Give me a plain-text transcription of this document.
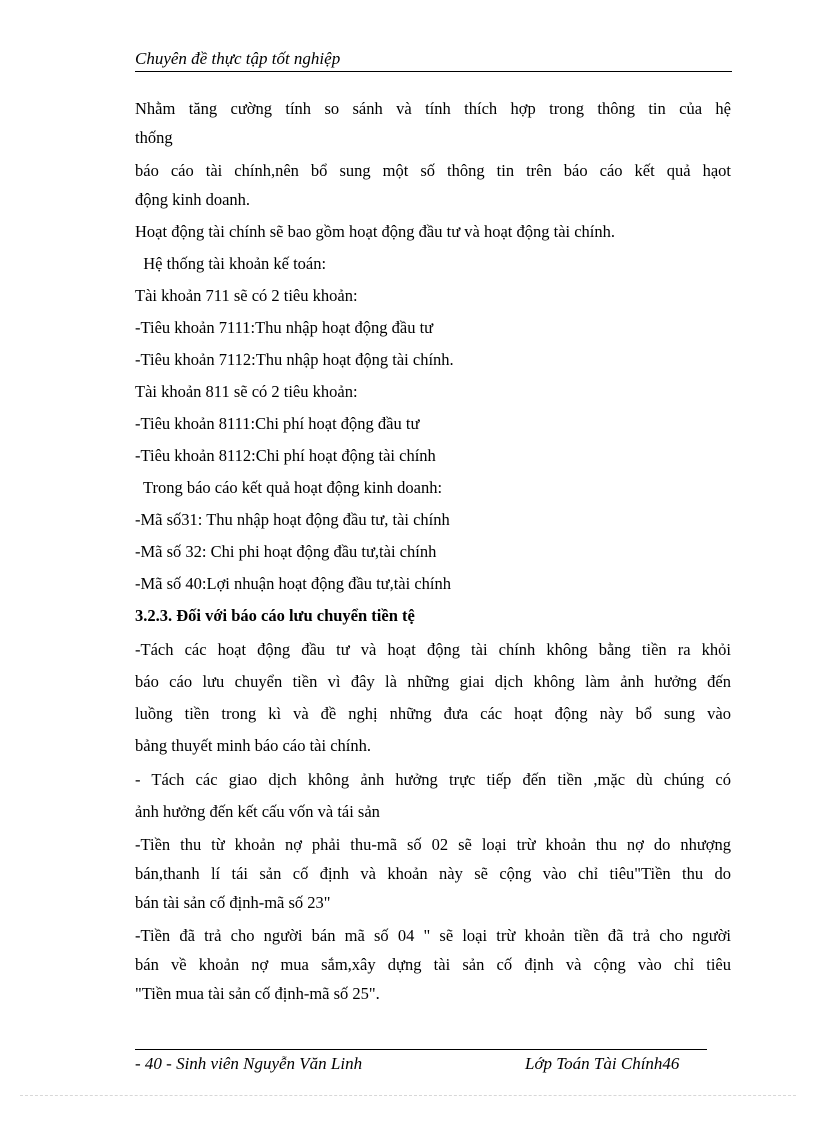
Chuyên đề thực tập tốt nghiệp

Nhằm tăng cường tính so sánh và tính thích hợp trong thông tin của hệ

thống

báo cáo tài chính,nên bổ sung một số thông tin trên báo cáo kết quả hạot

động kinh doanh.

Hoạt động tài chính sẽ bao gồm hoạt động đầu tư và hoạt động tài chính.

Hệ thống tài khoản kế toán:

Tài khoản 711 sẽ có 2 tiêu khoản:

-Tiêu khoản 7111:Thu nhập hoạt động đầu tư

-Tiêu khoản 7112:Thu nhập hoạt động tài chính.

Tài khoản 811 sẽ có 2 tiêu khoản:

-Tiêu khoản 8111:Chi phí hoạt động đầu tư

-Tiêu khoản 8112:Chi phí hoạt động tài chính

Trong báo cáo kết quả hoạt động kinh doanh:

-Mã số31: Thu nhập hoạt động đầu tư, tài chính

-Mã số 32: Chi phi hoạt động đầu tư,tài chính

-Mã số 40:Lợi nhuận hoạt động đầu tư,tài chính

3.2.3. Đối với báo cáo lưu chuyển tiền tệ

-Tách các hoạt động đầu tư và hoạt động tài chính không bằng tiền ra khỏi

báo cáo lưu chuyển tiền vì đây là những giai dịch không làm ảnh hưởng đến

luồng tiền trong kì và đề nghị những đưa các hoạt động này bổ sung vào

bảng thuyết minh báo cáo tài chính.

- Tách các giao dịch không ảnh hưởng trực tiếp đến tiền ,mặc dù chúng có

ảnh hưởng đến kết cấu vốn và tái sản

-Tiền thu từ khoản nợ phải thu-mã số 02 sẽ loại trừ khoản thu nợ do nhượng

bán,thanh lí tái sản cố định và khoản này sẽ cộng vào chỉ tiêu"Tiền thu do

bán tài sản cố định-mã số 23"

-Tiền đã trả cho người bán mã số 04 " sẽ loại trừ khoản tiền đã trả cho người

bán về khoản nợ mua sắm,xây dựng tài sản cố định và cộng vào chỉ tiêu

"Tiền mua tài sản cố định-mã số 25".

- 40 - Sinh viên Nguyễn Văn Linh	Lớp Toán Tài Chính46
